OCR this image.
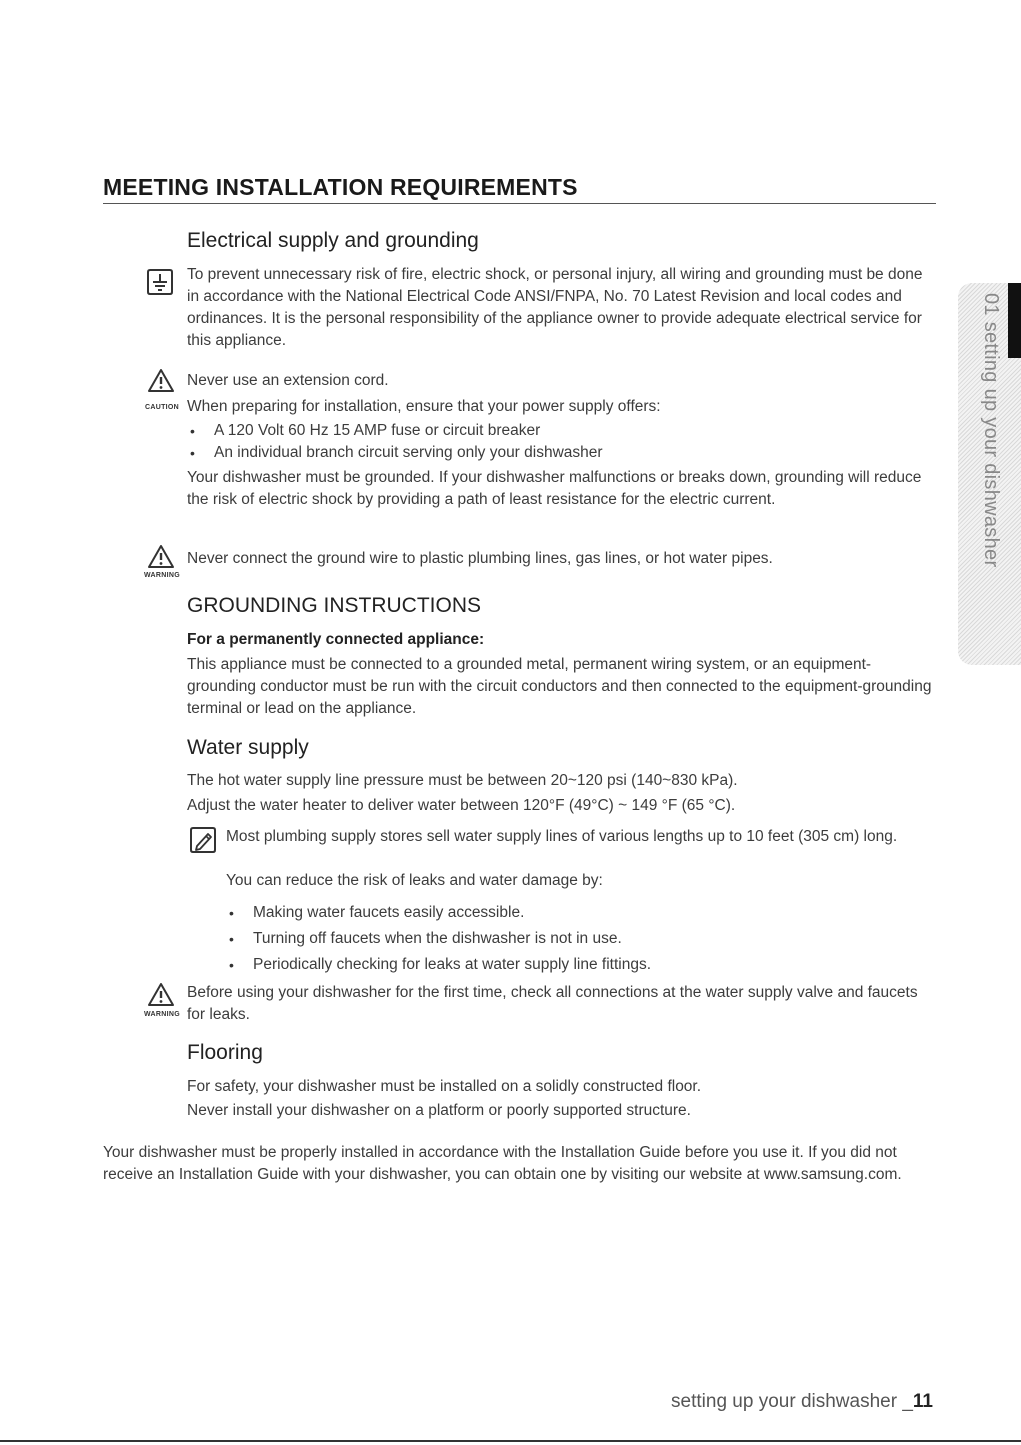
MEETING INSTALLATION REQUIREMENTS
01 setting up your dishwasher
Electrical supply and grounding

To prevent unnecessary risk of fire, electric shock, or personal injury, all wiring and grounding must be done in accordance with the National Electrical Code ANSI/FNPA, No. 70 Latest Revision and local codes and ordinances. It is the personal responsibility of the appliance owner to provide adequate electrical service for this appliance.

CAUTION

Never use an extension cord.

When preparing for installation, ensure that your power supply offers:

• A 120 Volt 60 Hz 15 AMP fuse or circuit breaker
• An individual branch circuit serving only your dishwasher

Your dishwasher must be grounded. If your dishwasher malfunctions or breaks down, grounding will reduce the risk of electric shock by providing a path of least resistance for the electric current.

WARNING

Never connect the ground wire to plastic plumbing lines, gas lines, or hot water pipes.

GROUNDING INSTRUCTIONS

For a permanently connected appliance:

This appliance must be connected to a grounded metal, permanent wiring system, or an equipment-grounding conductor must be run with the circuit conductors and then connected to the equipment-grounding terminal or lead on the appliance.

Water supply

The hot water supply line pressure must be between 20~120 psi (140~830 kPa).

Adjust the water heater to deliver water between 120°F (49°C) ~ 149 °F (65 °C).

Most plumbing supply stores sell water supply lines of various lengths up to 10 feet (305 cm) long.

You can reduce the risk of leaks and water damage by:

• Making water faucets easily accessible.
• Turning off faucets when the dishwasher is not in use.
• Periodically checking for leaks at water supply line fittings.
WARNING

Before using your dishwasher for the first time, check all connections at the water supply valve and faucets for leaks.

Flooring

For safety, your dishwasher must be installed on a solidly constructed floor.

Never install your dishwasher on a platform or poorly supported structure.

Your dishwasher must be properly installed in accordance with the Installation Guide before you use it. If you did not receive an Installation Guide with your dishwasher, you can obtain one by visiting our website at www.samsung.com.

setting up your dishwasher _11
